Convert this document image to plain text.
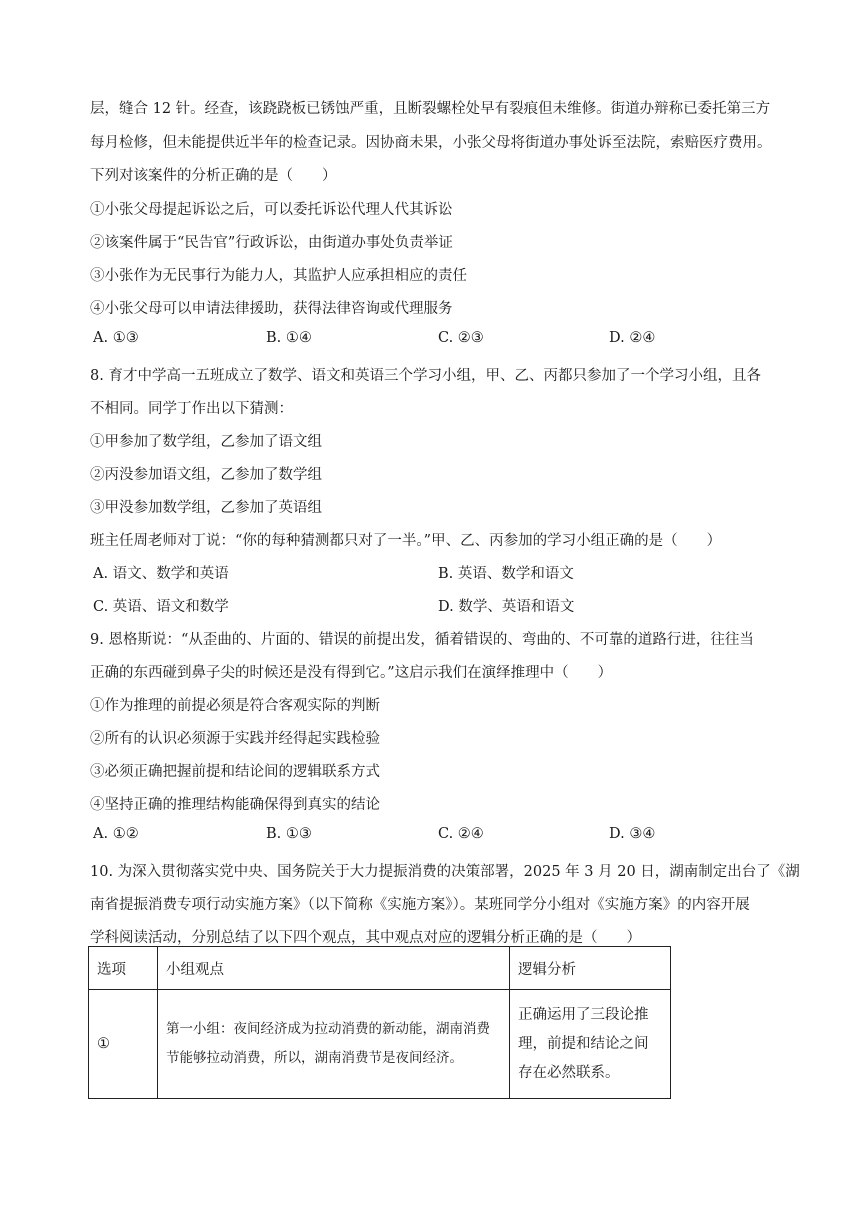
层，缝合 12 针。经查，该跷跷板已锈蚀严重，且断裂螺栓处早有裂痕但未维修。街道办辩称已委托第三方
每月检修，但未能提供近半年的检查记录。因协商未果，小张父母将街道办事处诉至法院，索赔医疗费用。
下列对该案件的分析正确的是（　　）
①小张父母提起诉讼之后，可以委托诉讼代理人代其诉讼
②该案件属于“民告官”行政诉讼，由街道办事处负责举证
③小张作为无民事行为能力人，其监护人应承担相应的责任
④小张父母可以申请法律援助，获得法律咨询或代理服务
A. ①③	B. ①④	C. ②③	D. ②④
8. 育才中学高一五班成立了数学、语文和英语三个学习小组，甲、乙、丙都只参加了一个学习小组，且各
不相同。同学丁作出以下猜测：
①甲参加了数学组，乙参加了语文组
②丙没参加语文组，乙参加了数学组
③甲没参加数学组，乙参加了英语组
班主任周老师对丁说：“你的每种猜测都只对了一半。”甲、乙、丙参加的学习小组正确的是（　　）
A. 语文、数学和英语	B. 英语、数学和语文
C. 英语、语文和数学	D. 数学、英语和语文
9. 恩格斯说：“从歪曲的、片面的、错误的前提出发，循着错误的、弯曲的、不可靠的道路行进，往往当
正确的东西碰到鼻子尖的时候还是没有得到它。”这启示我们在演绎推理中（　　）
①作为推理的前提必须是符合客观实际的判断
②所有的认识必须源于实践并经得起实践检验
③必须正确把握前提和结论间的逻辑联系方式
④坚持正确的推理结构能确保得到真实的结论
A. ①②	B. ①③	C. ②④	D. ③④
10. 为深入贯彻落实党中央、国务院关于大力提振消费的决策部署，2025 年 3 月 20 日，湖南制定出台了《湖
南省提振消费专项行动实施方案》（以下简称《实施方案》）。某班同学分小组对《实施方案》的内容开展
学科阅读活动，分别总结了以下四个观点，其中观点对应的逻辑分析正确的是（　　）
选项	小组观点	逻辑分析
①	第一小组：夜间经济成为拉动消费的新动能，湖南消费节能够拉动消费，所以，湖南消费节是夜间经济。	正确运用了三段论推理，前提和结论之间存在必然联系。
